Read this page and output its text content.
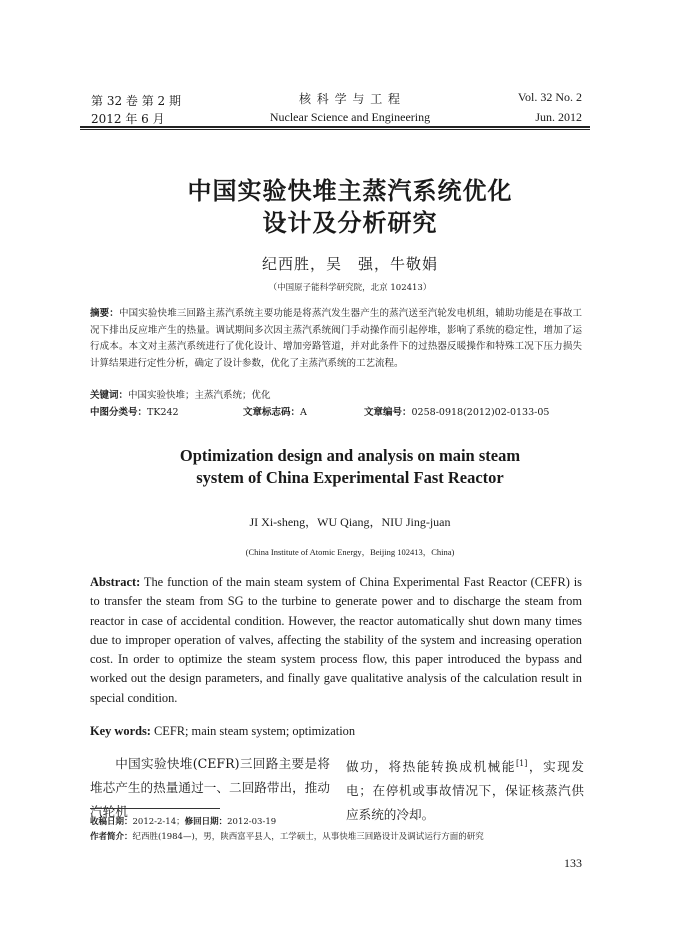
第 32 卷 第 2 期
2012 年 6 月
核 科 学 与 工 程
Nuclear Science and Engineering
Vol. 32 No. 2
Jun. 2012
中国实验快堆主蒸汽系统优化
设计及分析研究
纪西胜，吴　强，牛敬娟
（中国原子能科学研究院，北京 102413）
摘要：中国实验快堆三回路主蒸汽系统主要功能是将蒸汽发生器产生的蒸汽送至汽轮发电机组，辅助功能是在事故工况下排出反应堆产生的热量。调试期间多次因主蒸汽系统阀门手动操作而引起停堆，影响了系统的稳定性，增加了运行成本。本文对主蒸汽系统进行了优化设计、增加旁路管道，并对此条件下的过热器反暖操作和特殊工况下压力损失计算结果进行定性分析，确定了设计参数，优化了主蒸汽系统的工艺流程。
关键词：中国实验快堆；主蒸汽系统；优化
中图分类号：TK242	文章标志码：A	文章编号：0258-0918(2012)02-0133-05
Optimization design and analysis on main steam
system of China Experimental Fast Reactor
JI Xi-sheng，WU Qiang，NIU Jing-juan
(China Institute of Atomic Energy，Beijing 102413，China)
Abstract: The function of the main steam system of China Experimental Fast Reactor (CEFR) is to transfer the steam from SG to the turbine to generate power and to discharge the steam from reactor in case of accidental condition. However, the reactor automatically shut down many times due to improper operation of valves, affecting the stability of the system and increasing operation cost. In order to optimize the steam system process flow, this paper introduced the bypass and worked out the design parameters, and finally gave qualitative analysis of the calculation result in special condition.
Key words: CEFR; main steam system; optimization
中国实验快堆(CEFR)三回路主要是将堆芯产生的热量通过一、二回路带出，推动汽轮机
做功，将热能转换成机械能[1]，实现发电；在停机或事故情况下，保证核蒸汽供应系统的冷却。
收稿日期：2012-2-14；修回日期：2012-03-19
作者简介：纪西胜(1984—)，男，陕西富平县人，工学硕士，从事快堆三回路设计及调试运行方面的研究
133
